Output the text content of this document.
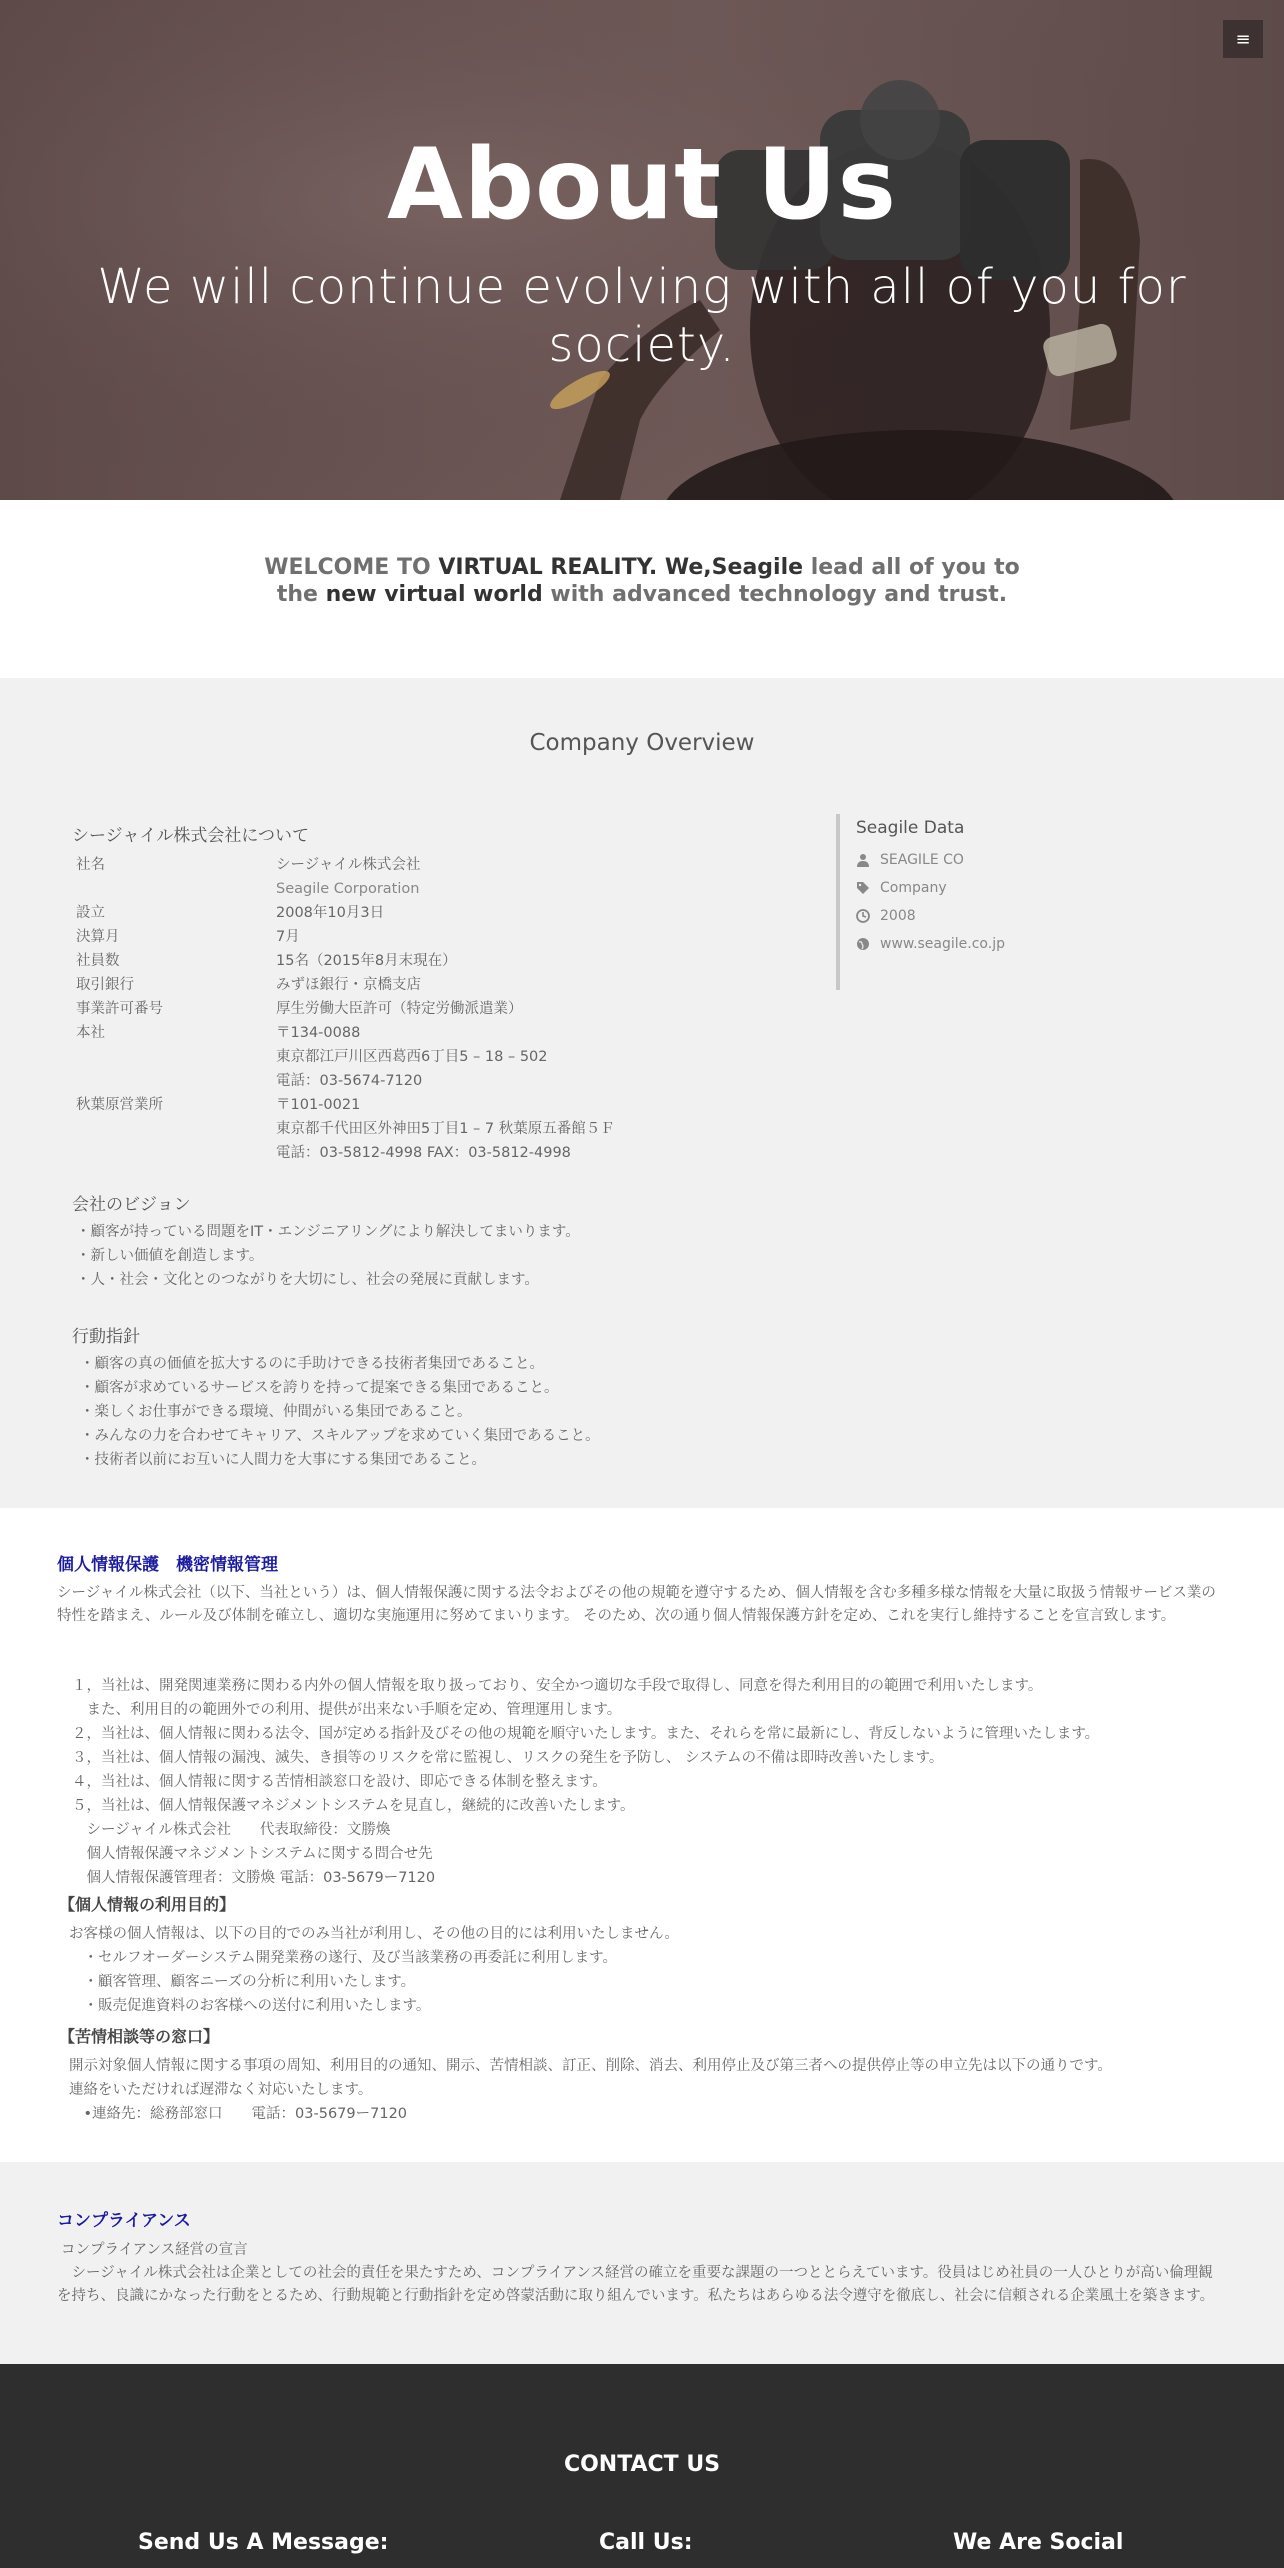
≡
About Us
We will continue evolving with all of you for society.
WELCOME TO VIRTUAL REALITY. We,Seagile lead all of you to the new virtual world with advanced technology and trust.
Company Overview
シージャイル株式会社について
社名	シージャイル株式会社
Seagile Corporation
設立	2008年10月3日
決算月	7月
社員数	15名（2015年8月末現在）
取引銀行	みずほ銀行・京橋支店
事業許可番号	厚生労働大臣許可（特定労働派遣業）
本社	〒134-0088
東京都江戸川区西葛西6丁目5 – 18 – 502
電話：03-5674-7120
秋葉原営業所	〒101-0021
東京都千代田区外神田5丁目1 – 7 秋葉原五番館５Ｆ
電話：03-5812-4998 FAX：03-5812-4998
Seagile Data
SEAGILE CO
Company
2008
www.seagile.co.jp
会社のビジョン
・顧客が持っている問題をIT・エンジニアリングにより解決してまいります。
・新しい価値を創造します。
・人・社会・文化とのつながりを大切にし、社会の発展に貢献します。
行動指針
・顧客の真の価値を拡大するのに手助けできる技術者集団であること。
・顧客が求めているサービスを誇りを持って提案できる集団であること。
・楽しくお仕事ができる環境、仲間がいる集団であること。
・みんなの力を合わせてキャリア、スキルアップを求めていく集団であること。
・技術者以前にお互いに人間力を大事にする集団であること。
個人情報保護　機密情報管理
シージャイル株式会社（以下、当社という）は、個人情報保護に関する法令およびその他の規範を遵守するため、個人情報を含む多種多様な情報を大量に取扱う情報サービス業の特性を踏まえ、ルール及び体制を確立し、適切な実施運用に努めてまいります。 そのため、次の通り個人情報保護方針を定め、これを実行し維持することを宣言致します。
１，当社は、開発関連業務に関わる内外の個人情報を取り扱っており、安全かつ適切な手段で取得し、同意を得た利用目的の範囲で利用いたします。
　また、利用目的の範囲外での利用、提供が出来ない手順を定め、管理運用します。
２，当社は、個人情報に関わる法令、国が定める指針及びその他の規範を順守いたします。また、それらを常に最新にし、背反しないように管理いたします。
３，当社は、個人情報の漏洩、滅失、き損等のリスクを常に監視し、リスクの発生を予防し、 システムの不備は即時改善いたします。
４，当社は、個人情報に関する苦情相談窓口を設け、即応できる体制を整えます。
５，当社は、個人情報保護マネジメントシステムを見直し，継続的に改善いたします。
　シージャイル株式会社　　代表取締役：文勝煥
　個人情報保護マネジメントシステムに関する問合せ先
　個人情報保護管理者：文勝煥 電話：03-5679ー7120
【個人情報の利用目的】
お客様の個人情報は、以下の目的でのみ当社が利用し、その他の目的には利用いたしません。
　・セルフオーダーシステム開発業務の遂行、及び当該業務の再委託に利用します。
　・顧客管理、顧客ニーズの分析に利用いたします。
　・販売促進資料のお客様への送付に利用いたします。
【苦情相談等の窓口】
開示対象個人情報に関する事項の周知、利用目的の通知、開示、苦情相談、訂正、削除、消去、利用停止及び第三者への提供停止等の申立先は以下の通りです。
連絡をいただければ遅滞なく対応いたします。
　•連絡先：総務部窓口　　電話：03-5679ー7120
コンプライアンス
コンプライアンス経営の宣言
　シージャイル株式会社は企業としての社会的責任を果たすため、コンプライアンス経営の確立を重要な課題の一つととらえています。役員はじめ社員の一人ひとりが高い倫理観を持ち、良識にかなった行動をとるため、行動規範と行動指針を定め啓蒙活動に取り組んでいます。私たちはあらゆる法令遵守を徹底し、社会に信頼される企業風土を築きます。
CONTACT US
Send Us A Message:	Call Us:	We Are Social
